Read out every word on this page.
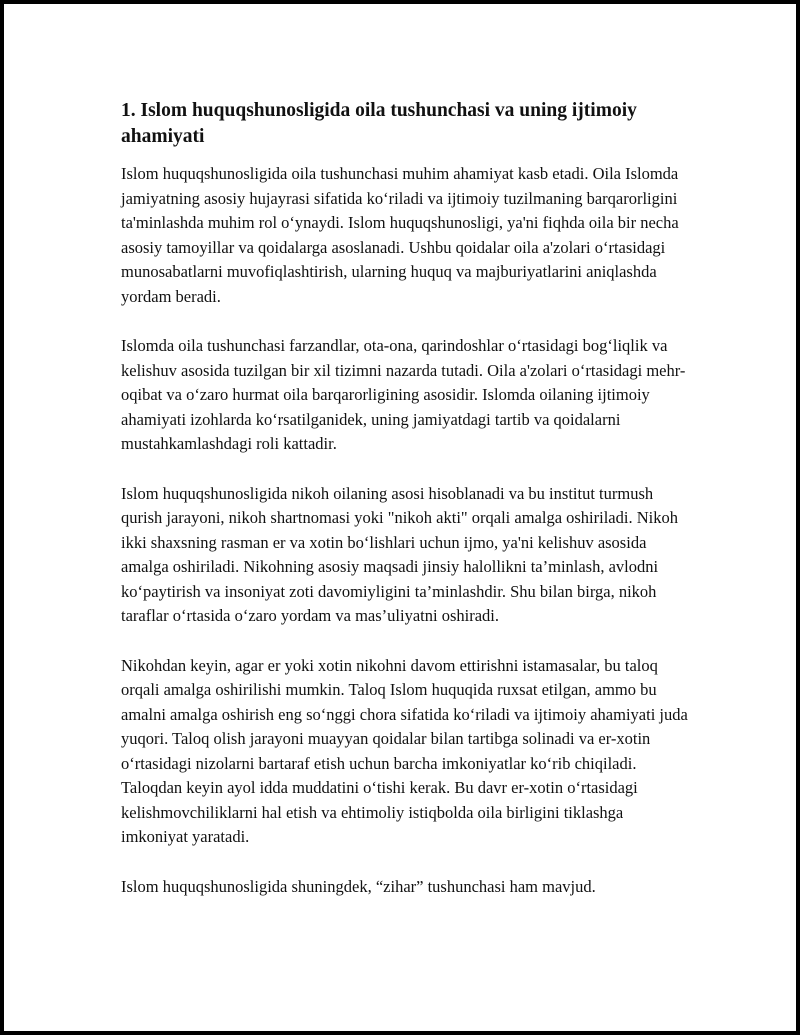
1. Islom huquqshunosligida oila tushunchasi va uning ijtimoiy ahamiyati

Islom huquqshunosligida oila tushunchasi muhim ahamiyat kasb etadi. Oila Islomda jamiyatning asosiy hujayrasi sifatida ko‘riladi va ijtimoiy tuzilmaning barqarorligini ta'minlashda muhim rol o‘ynaydi. Islom huquqshunosligi, ya'ni fiqhda oila bir necha asosiy tamoyillar va qoidalarga asoslanadi. Ushbu qoidalar oila a'zolari o‘rtasidagi munosabatlarni muvofiqlashtirish, ularning huquq va majburiyatlarini aniqlashda yordam beradi.

Islomda oila tushunchasi farzandlar, ota-ona, qarindoshlar o‘rtasidagi bog‘liqlik va kelishuv asosida tuzilgan bir xil tizimni nazarda tutadi. Oila a'zolari o‘rtasidagi mehr-oqibat va o‘zaro hurmat oila barqarorligining asosidir. Islomda oilaning ijtimoiy ahamiyati izohlarda ko‘rsatilganidek, uning jamiyatdagi tartib va qoidalarni mustahkamlashdagi roli kattadir.

Islom huquqshunosligida nikoh oilaning asosi hisoblanadi va bu institut turmush qurish jarayoni, nikoh shartnomasi yoki "nikoh akti" orqali amalga oshiriladi. Nikoh ikki shaxsning rasman er va xotin bo‘lishlari uchun ijmo, ya'ni kelishuv asosida amalga oshiriladi. Nikohning asosiy maqsadi jinsiy halollikni ta’minlash, avlodni ko‘paytirish va insoniyat zoti davomiyligini ta’minlashdir. Shu bilan birga, nikoh taraflar o‘rtasida o‘zaro yordam va mas’uliyatni oshiradi.

Nikohdan keyin, agar er yoki xotin nikohni davom ettirishni istamasalar, bu taloq orqali amalga oshirilishi mumkin. Taloq Islom huquqida ruxsat etilgan, ammo bu amalni amalga oshirish eng so‘nggi chora sifatida ko‘riladi va ijtimoiy ahamiyati juda yuqori. Taloq olish jarayoni muayyan qoidalar bilan tartibga solinadi va er-xotin o‘rtasidagi nizolarni bartaraf etish uchun barcha imkoniyatlar ko‘rib chiqiladi. Taloqdan keyin ayol idda muddatini o‘tishi kerak. Bu davr er-xotin o‘rtasidagi kelishmovchiliklarni hal etish va ehtimoliy istiqbolda oila birligini tiklashga imkoniyat yaratadi.

Islom huquqshunosligida shuningdek, “zihar” tushunchasi ham mavjud.
